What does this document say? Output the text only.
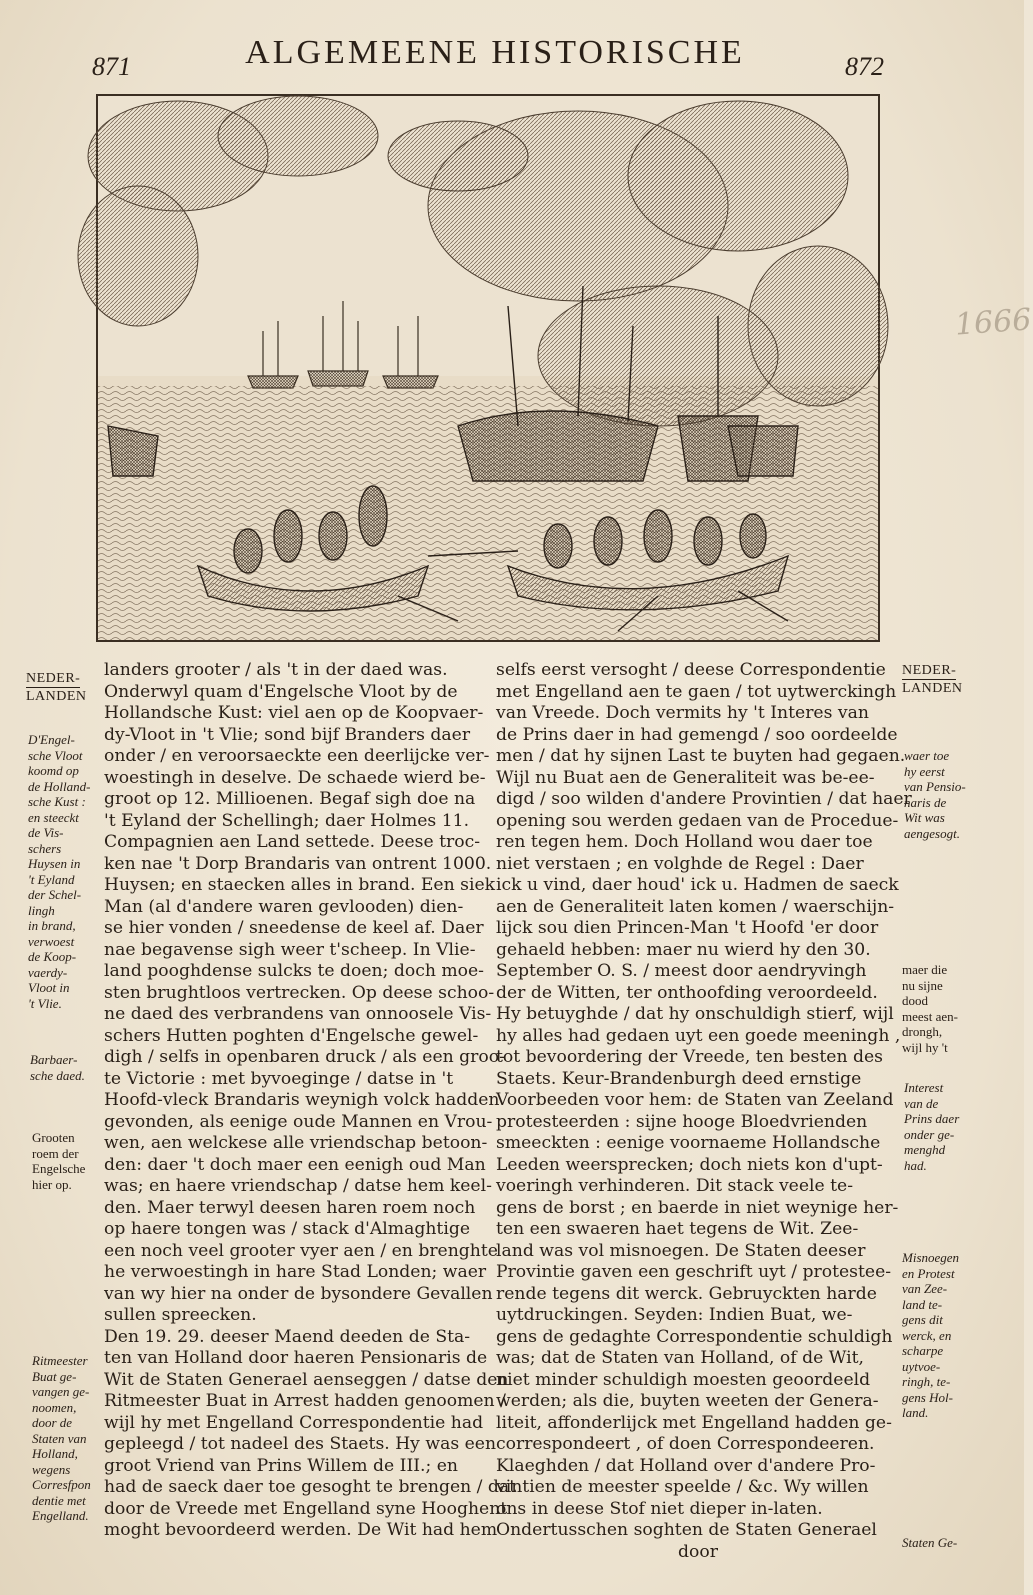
871	ALGEMEENE HISTORISCHE	872
1666
NEDER-
LANDEN
D'Engel-
sche Vloot
koomd op
de Holland-
sche Kust :
en steeckt
de Vis-
schers
Huysen in
't Eyland
der Schel-
lingh
in brand,
verwoest
de Koop-
vaerdy-
Vloot in
't Vlie.
Barbaer-
sche daed.
Grooten
roem der
Engelsche
hier op.
Ritmeester
Buat ge-
vangen ge-
noomen,
door de
Staten van
Holland,
wegens
Corresfpon
dentie met
Engelland.
landers grooter / als 't in der daed was.
Onderwyl quam d'Engelsche Vloot by de
Hollandsche Kust: viel aen op de Koopvaer-
dy-Vloot in 't Vlie; sond bijf Branders daer
onder / en veroorsaeckte een deerlijcke ver-
woestingh in deselve. De schaede wierd be-
groot op 12. Millioenen. Begaf sigh doe na
't Eyland der Schellingh; daer Holmes 11.
Compagnien aen Land settede. Deese troc-
ken nae 't Dorp Brandaris van ontrent 1000.
Huysen; en staecken alles in brand. Een siek
Man (al d'andere waren gevlooden) dien-
se hier vonden / sneedense de keel af. Daer
nae begavense sigh weer t'scheep. In Vlie-
land pooghdense sulcks te doen; doch moe-
sten brughtloos vertrecken. Op deese schoo-
ne daed des verbrandens van onnoosele Vis-
schers Hutten poghten d'Engelsche gewel-
digh / selfs in openbaren druck / als een groo-
te Victorie : met byvoeginge / datse in 't
Hoofd-vleck Brandaris weynigh volck hadden
gevonden, als eenige oude Mannen en Vrou-
wen, aen welckese alle vriendschap betoon-
den: daer 't doch maer een eenigh oud Man
was; en haere vriendschap / datse hem keel-
den. Maer terwyl deesen haren roem noch
op haere tongen was / stack d'Almaghtige
een noch veel grooter vyer aen / en brenghte
he verwoestingh in hare Stad Londen; waer
van wy hier na onder de bysondere Gevallen
sullen spreecken.
Den 19. 29. deeser Maend deeden de Sta-
ten van Holland door haeren Pensionaris de
Wit de Staten Generael aenseggen / datse den
Ritmeester Buat in Arrest hadden genoomen /
wijl hy met Engelland Correspondentie had
gepleegd / tot nadeel des Staets. Hy was een
groot Vriend van Prins Willem de III.; en
had de saeck daer toe gesoght te brengen / dat
door de Vreede met Engelland syne Hooghent
moght bevoordeerd werden. De Wit had hem
selfs eerst versoght / deese Correspondentie
met Engelland aen te gaen / tot uytwerckingh
van Vreede. Doch vermits hy 't Interes van
de Prins daer in had gemengd / soo oordeelde
men / dat hy sijnen Last te buyten had gegaen.
Wijl nu Buat aen de Generaliteit was be-ee-
digd / soo wilden d'andere Provintien / dat haer
opening sou werden gedaen van de Procedue-
ren tegen hem. Doch Holland wou daer toe
niet verstaen ; en volghde de Regel : Daer
ick u vind, daer houd' ick u. Hadmen de saeck
aen de Generaliteit laten komen / waerschijn-
lijck sou dien Princen-Man 't Hoofd 'er door
gehaeld hebben: maer nu wierd hy den 30.
September O. S. / meest door aendryvingh
der de Witten, ter onthoofding veroordeeld.
Hy betuyghde / dat hy onschuldigh stierf, wijl
hy alles had gedaen uyt een goede meeningh ,
tot bevoordering der Vreede, ten besten des
Staets. Keur-Brandenburgh deed ernstige
Voorbeeden voor hem: de Staten van Zeeland
protesteerden : sijne hooge Bloedvrienden
smeeckten : eenige voornaeme Hollandsche
Leeden weersprecken; doch niets kon d'upt-
voeringh verhinderen. Dit stack veele te-
gens de borst ; en baerde in niet weynige her-
ten een swaeren haet tegens de Wit. Zee-
land was vol misnoegen. De Staten deeser
Provintie gaven een geschrift uyt / protestee-
rende tegens dit werck. Gebruyckten harde
uytdruckingen. Seyden: Indien Buat, we-
gens de gedaghte Correspondentie schuldigh
was; dat de Staten van Holland, of de Wit,
niet minder schuldigh moesten geoordeeld
werden; als die, buyten weeten der Genera-
liteit, affonderlijck met Engelland hadden ge-
correspondeert , of doen Correspondeeren.
Klaeghden / dat Holland over d'andere Pro-
vintien de meester speelde / &c. Wy willen
ons in deese Stof niet dieper in-laten.
Ondertusschen soghten de Staten Generael
door
NEDER-
LANDEN
waer toe
hy eerst
van Pensio-
naris de
Wit was
aengesogt.
maer die
nu sijne
dood
meest aen-
drongh,
wijl hy 't
Interest
van de
Prins daer
onder ge-
menghd
had.
Misnoegen
en Protest
van Zee-
land te-
gens dit
werck, en
scharpe
uytvoe-
ringh, te-
gens Hol-
land.
Staten Ge-
